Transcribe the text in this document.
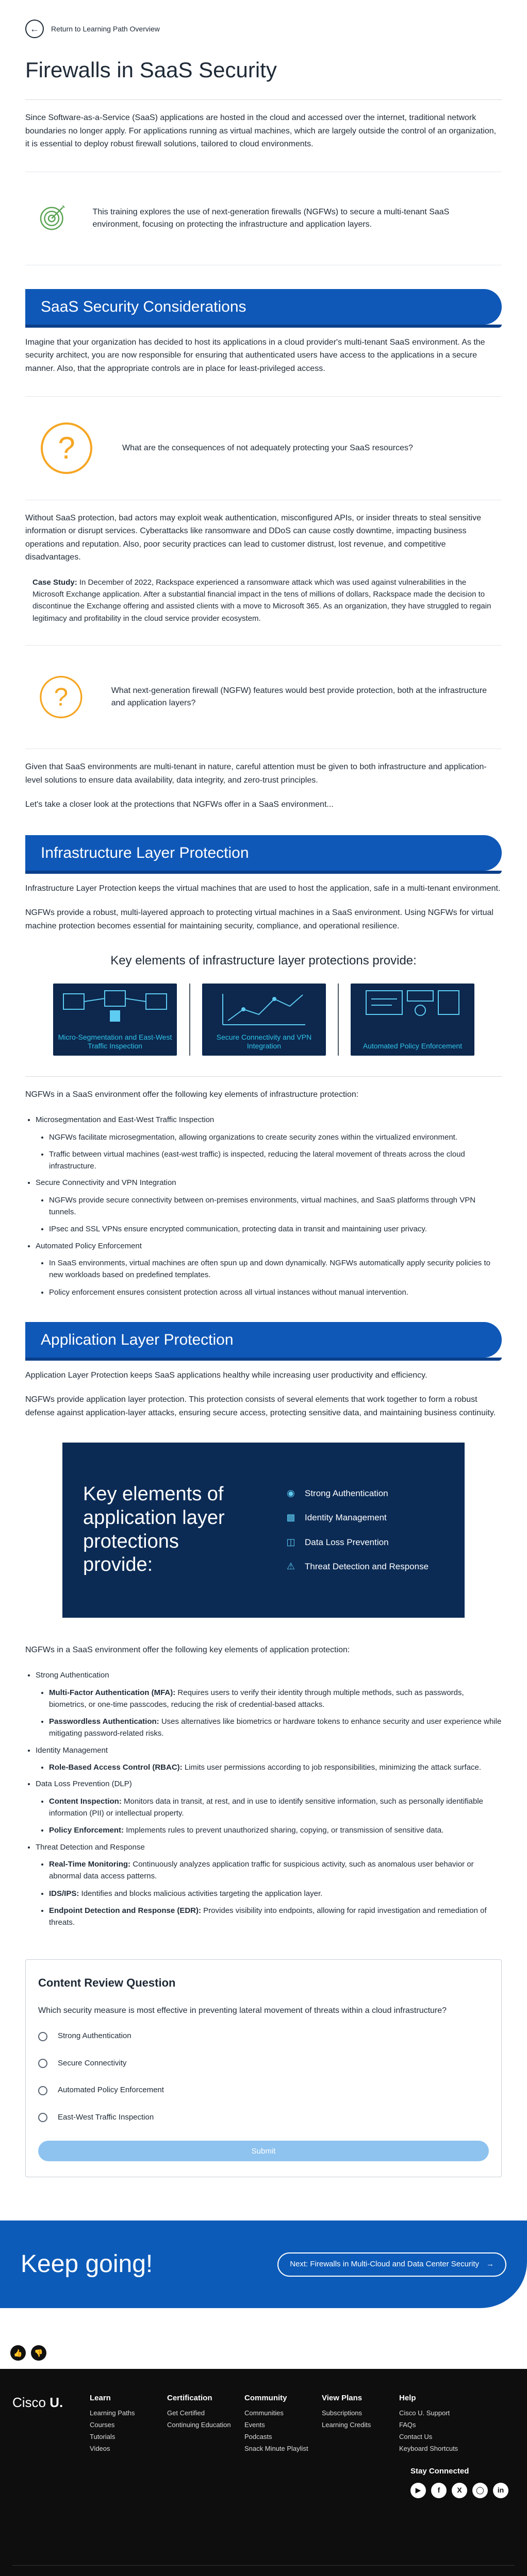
←	Return to Learning Path Overview
Firewalls in SaaS Security

Since Software-as-a-Service (SaaS) applications are hosted in the cloud and accessed over the internet, traditional network boundaries no longer apply. For applications running as virtual machines, which are largely outside the control of an organization, it is essential to deploy robust firewall solutions, tailored to cloud environments.

This training explores the use of next-generation firewalls (NGFWs) to secure a multi-tenant SaaS environment, focusing on protecting the infrastructure and application layers.
SaaS Security Considerations

Imagine that your organization has decided to host its applications in a cloud provider's multi-tenant SaaS environment. As the security architect, you are now responsible for ensuring that authenticated users have access to the applications in a secure manner. Also, that the appropriate controls are in place for least-privileged access.

?	What are the consequences of not adequately protecting your SaaS resources?

Without SaaS protection, bad actors may exploit weak authentication, misconfigured APIs, or insider threats to steal sensitive information or disrupt services. Cyberattacks like ransomware and DDoS can cause costly downtime, impacting business operations and reputation. Also, poor security practices can lead to customer distrust, lost revenue, and competitive disadvantages.

Case Study: In December of 2022, Rackspace experienced a ransomware attack which was used against vulnerabilities in the Microsoft Exchange application. After a substantial financial impact in the tens of millions of dollars, Rackspace made the decision to discontinue the Exchange offering and assisted clients with a move to Microsoft 365. As an organization, they have struggled to regain legitimacy and profitability in the cloud service provider ecosystem.

?	What next-generation firewall (NGFW) features would best provide protection, both at the infrastructure and application layers?

Given that SaaS environments are multi-tenant in nature, careful attention must be given to both infrastructure and application-level solutions to ensure data availability, data integrity, and zero-trust principles.

Let's take a closer look at the protections that NGFWs offer in a SaaS environment...

Infrastructure Layer Protection

Infrastructure Layer Protection keeps the virtual machines that are used to host the application, safe in a multi-tenant environment.

NGFWs provide a robust, multi-layered approach to protecting virtual machines in a SaaS environment. Using NGFWs for virtual machine protection becomes essential for maintaining security, compliance, and operational resilience.

Key elements of infrastructure layer protections provide:
Micro-Segmentation and East-West Traffic Inspection
Secure Connectivity and VPN Integration	Automated Policy Enforcement

NGFWs in a SaaS environment offer the following key elements of infrastructure protection:

• Microsegmentation and East-West Traffic Inspection
• NGFWs facilitate microsegmentation, allowing organizations to create security zones within the virtualized environment.
• Traffic between virtual machines (east-west traffic) is inspected, reducing the lateral movement of threats across the cloud infrastructure.
• Secure Connectivity and VPN Integration
• NGFWs provide secure connectivity between on-premises environments, virtual machines, and SaaS platforms through VPN tunnels.
• IPsec and SSL VPNs ensure encrypted communication, protecting data in transit and maintaining user privacy.
• Automated Policy Enforcement
• In SaaS environments, virtual machines are often spun up and down dynamically. NGFWs automatically apply security policies to new workloads based on predefined templates.
• Policy enforcement ensures consistent protection across all virtual instances without manual intervention.
Application Layer Protection

Application Layer Protection keeps SaaS applications healthy while increasing user productivity and efficiency.

NGFWs provide application layer protection. This protection consists of several elements that work together to form a robust defense against application-layer attacks, ensuring secure access, protecting sensitive data, and maintaining business continuity.

Key elements of application layer protections provide:
◉	Strong Authentication
▩ Identity Management
◫ Data Loss Prevention
⚠ Threat Detection and Response

NGFWs in a SaaS environment offer the following key elements of application protection:

• Strong Authentication
• Multi-Factor Authentication (MFA): Requires users to verify their identity through multiple methods, such as passwords, biometrics, or one-time passcodes, reducing the risk of credential-based attacks.
• Passwordless Authentication: Uses alternatives like biometrics or hardware tokens to enhance security and user experience while mitigating password-related risks.
• Identity Management
• Role-Based Access Control (RBAC): Limits user permissions according to job responsibilities, minimizing the attack surface.
• Data Loss Prevention (DLP)
• Content Inspection: Monitors data in transit, at rest, and in use to identify sensitive information, such as personally identifiable information (PII) or intellectual property.
• Policy Enforcement: Implements rules to prevent unauthorized sharing, copying, or transmission of sensitive data.
• Threat Detection and Response
• Real-Time Monitoring: Continuously analyzes application traffic for suspicious activity, such as anomalous user behavior or abnormal data access patterns.
• IDS/IPS: Identifies and blocks malicious activities targeting the application layer.
• Endpoint Detection and Response (EDR): Provides visibility into endpoints, allowing for rapid investigation and remediation of threats.
Content Review Question
Which security measure is most effective in preventing lateral movement of threats within a cloud infrastructure?
Strong Authentication
Secure Connectivity
Automated Policy Enforcement
East-West Traffic Inspection
Submit
Keep going!	Next: Firewalls in Multi-Cloud and Data Center Security →
👍	👎
Cisco U.	Learn
Learning Paths
Courses
Tutorials
Videos
Certification
Get Certified
Continuing Education
Community
Communities
Events
Podcasts
Snack Minute Playlist
View Plans
Subscriptions
Learning Credits
Help
Cisco U. Support
FAQs
Contact Us
Keyboard Shortcuts
Stay Connected
▶	f	X	◯	in
